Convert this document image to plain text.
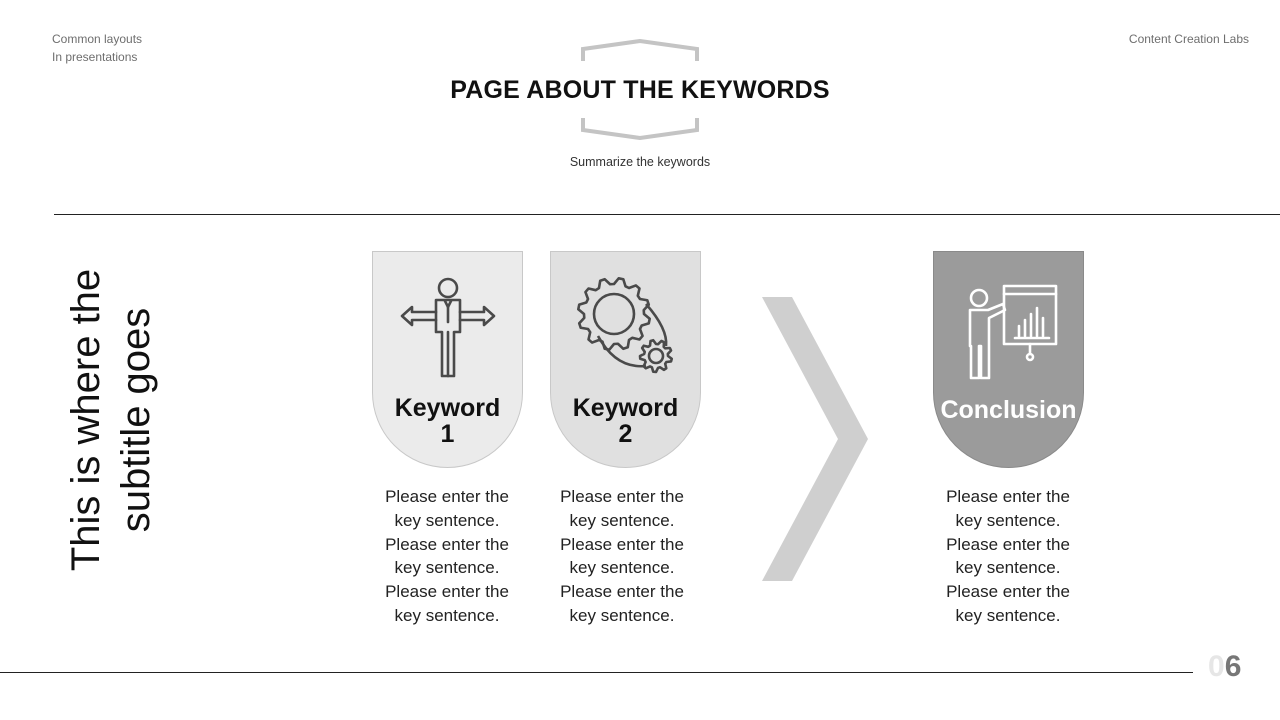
Common layouts
In presentations
Content Creation Labs
PAGE ABOUT THE KEYWORDS
Summarize the keywords
This is where the subtitle goes	Keyword
1
Keyword
2
Conclusion
Please enter the
key sentence.
Please enter the
key sentence.
Please enter the
key sentence.
Please enter the
key sentence.
Please enter the
key sentence.
Please enter the
key sentence.
Please enter the
key sentence.
Please enter the
key sentence.
Please enter the
key sentence.
06
